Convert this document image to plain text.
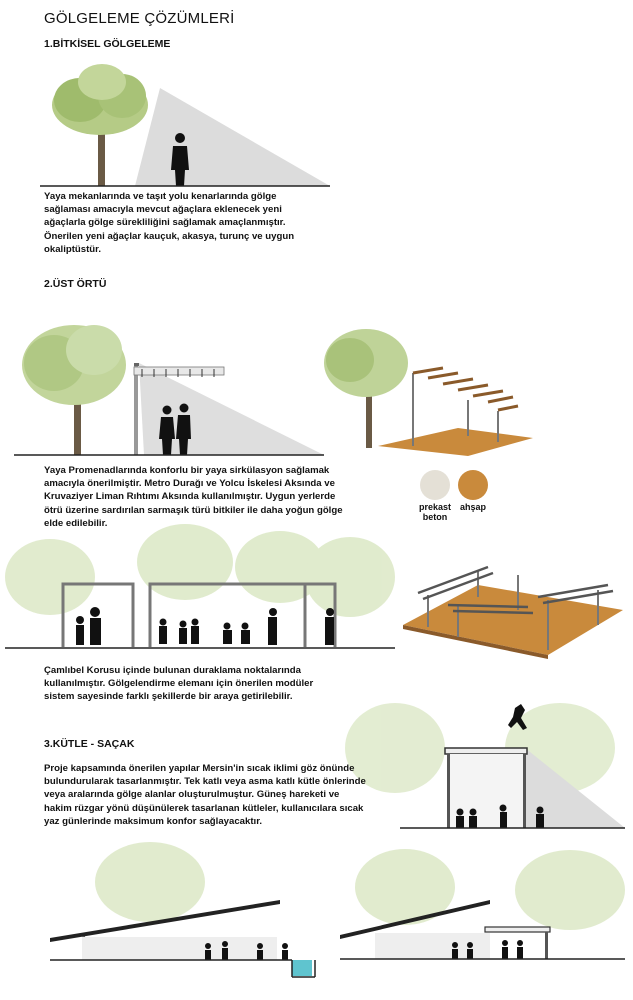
GÖLGELEME ÇÖZÜMLERİ
1.BİTKİSEL GÖLGELEME
Yaya mekanlarında ve taşıt yolu kenarlarında gölge
sağlaması amacıyla mevcut ağaçlara eklenecek yeni
ağaçlarla gölge sürekliliğini sağlamak amaçlanmıştır.
Önerilen yeni ağaçlar kauçuk, akasya, turunç ve uygun
okaliptüstür.
2.ÜST ÖRTÜ
Yaya Promenadlarında konforlu bir yaya sirkülasyon sağlamak
amacıyla önerilmiştir. Metro Durağı ve Yolcu İskelesi Aksında ve
Kruvaziyer Liman Rıhtımı Aksında kullanılmıştır. Uygun yerlerde
ötrü üzerine sardırılan sarmaşık türü bitkiler ile daha yoğun gölge
elde edilebilir.
prekast
beton
ahşap
Çamlıbel Korusu içinde bulunan duraklama noktalarında
kullanılmıştır. Gölgelendirme elemanı için önerilen modüler
sistem sayesinde farklı şekillerde bir araya getirilebilir.
3.KÜTLE - SAÇAK
Proje kapsamında önerilen yapılar Mersin'in sıcak iklimi göz önünde
bulundurularak tasarlanmıştır. Tek katlı veya asma katlı kütle önlerinde
veya aralarında gölge alanlar oluşturulmuştur. Güneş hareketi ve
hakim rüzgar yönü düşünülerek tasarlanan kütleler, kullanıcılara sıcak
yaz günlerinde maksimum konfor sağlayacaktır.
